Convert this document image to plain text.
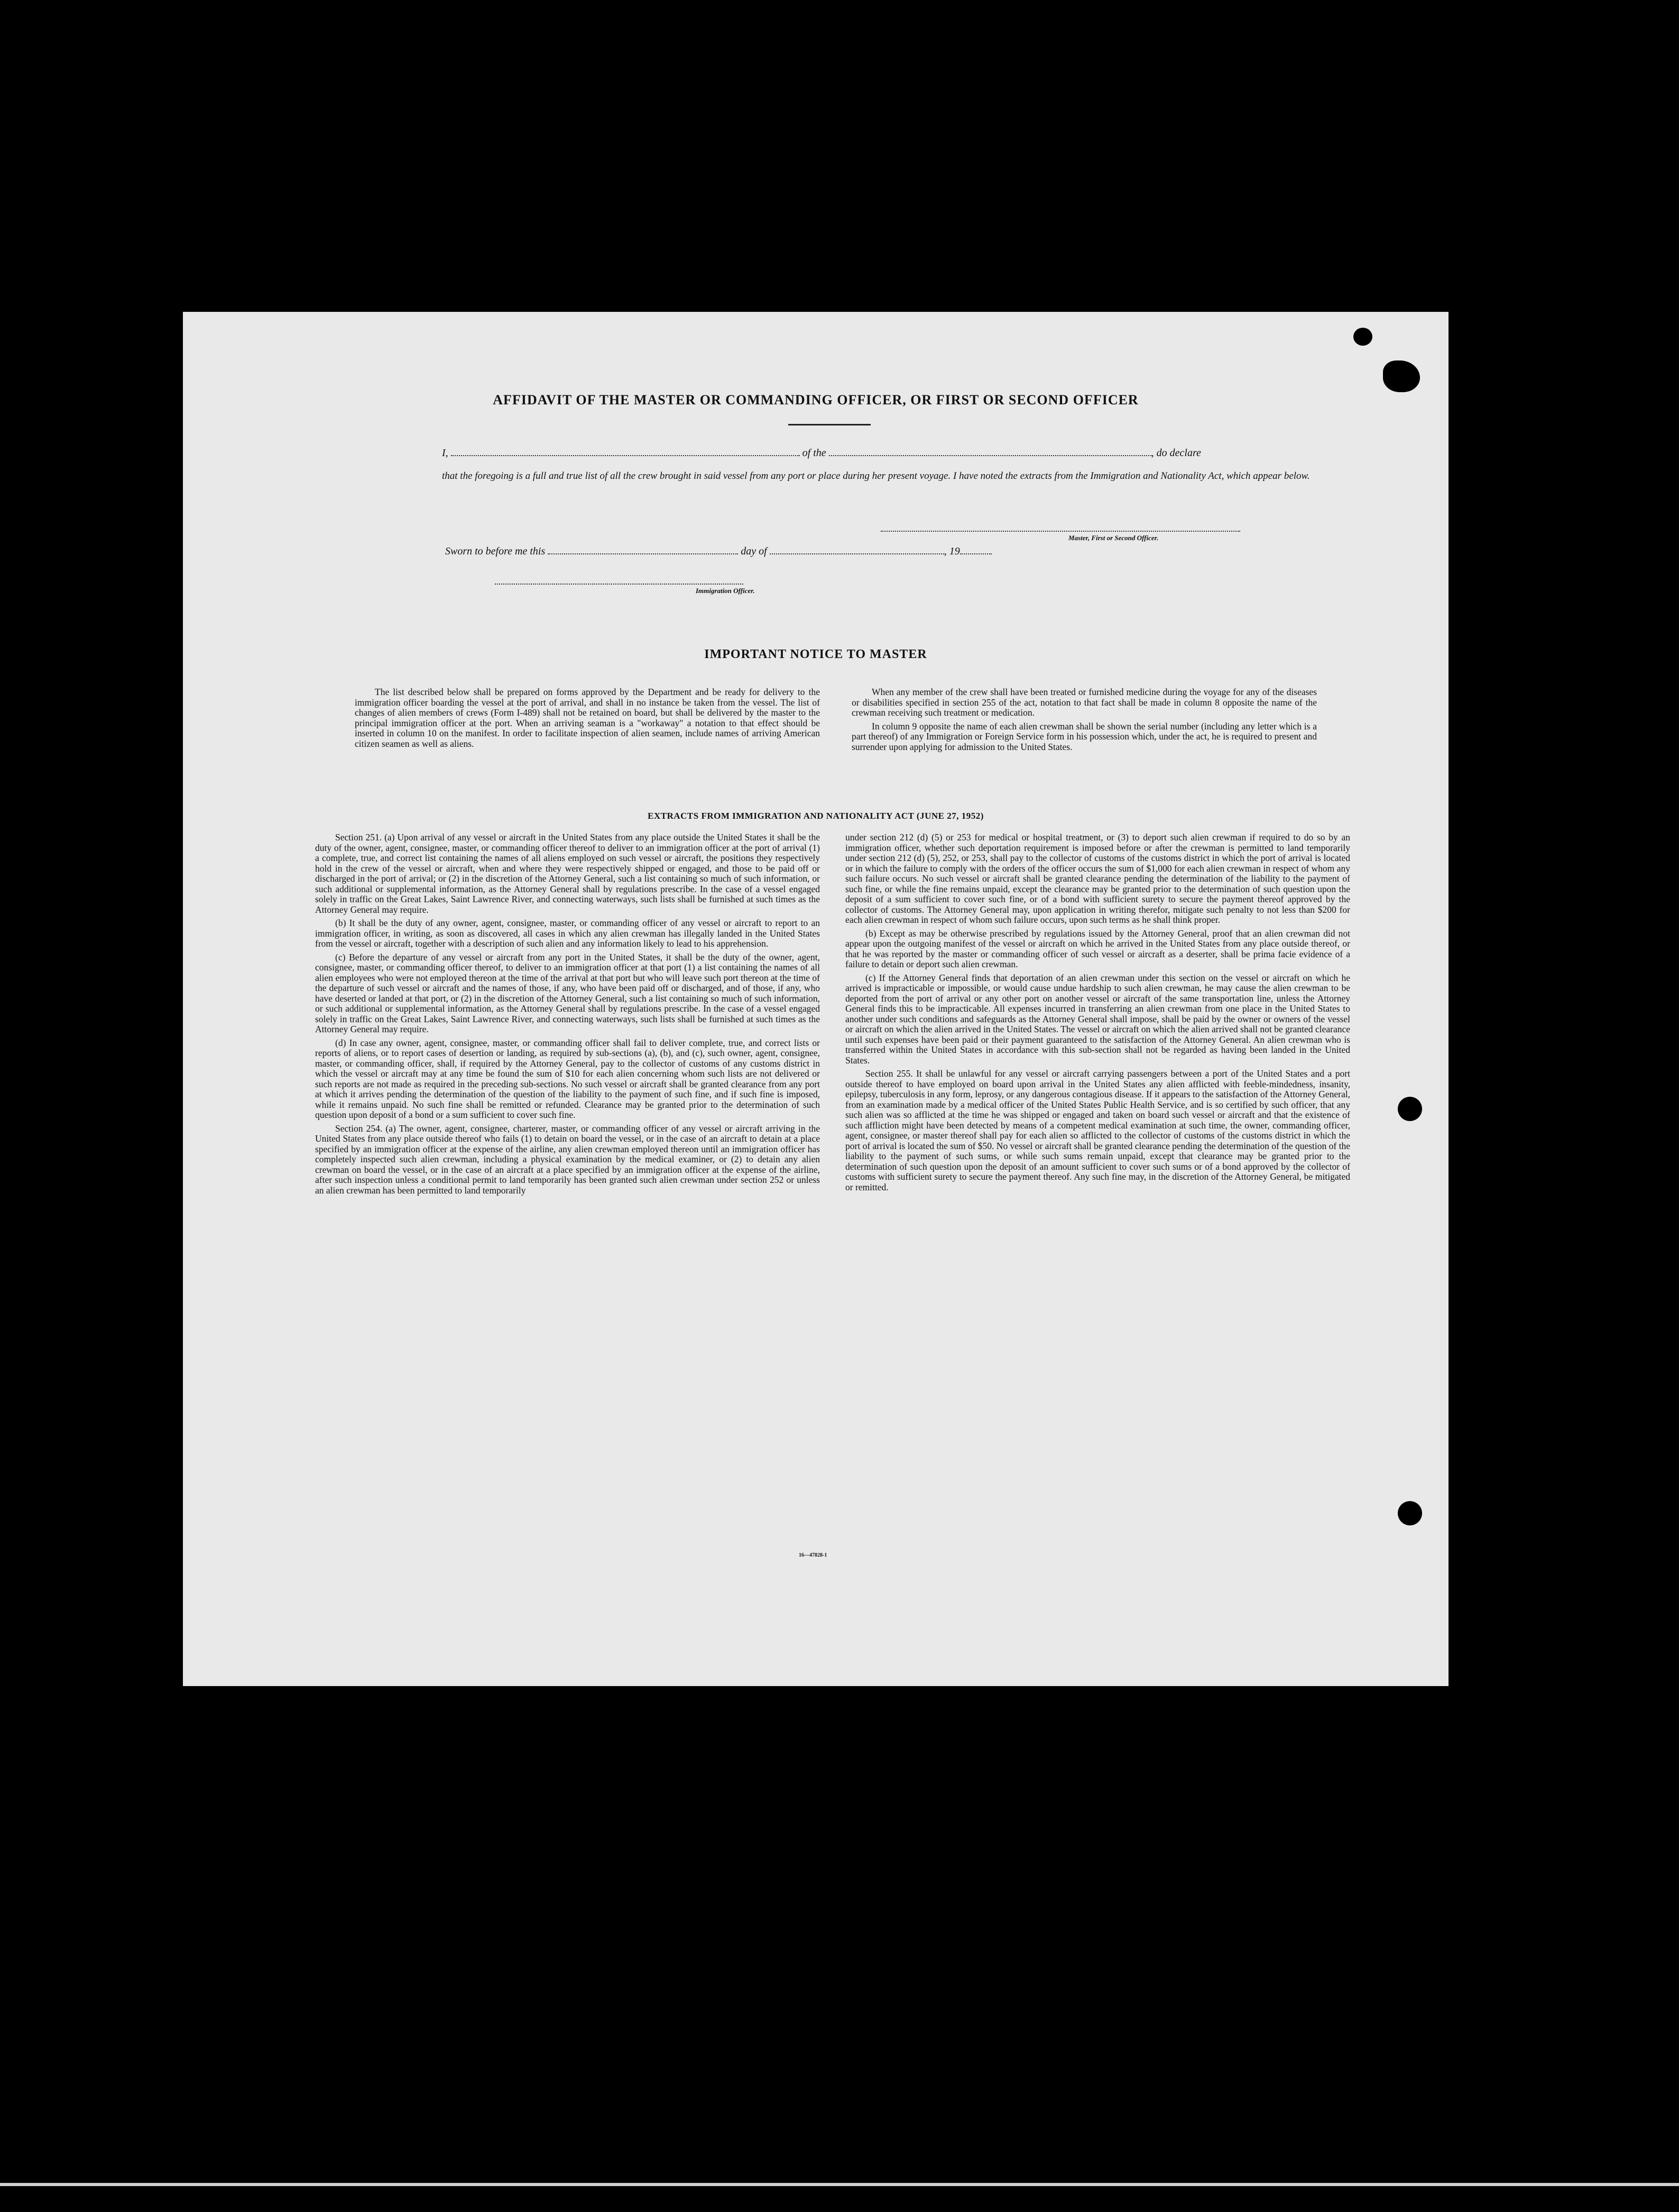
AFFIDAVIT OF THE MASTER OR COMMANDING OFFICER, OR FIRST OR SECOND OFFICER
I,	of the	, do declare
that the foregoing is a full and true list of all the crew brought in said vessel from any port or place during her present voyage. I have noted the extracts from the Immigration and Nationality Act, which appear below.
Master, First or Second Officer.
Sworn to before me this	day of	, 19
Immigration Officer.
IMPORTANT NOTICE TO MASTER

The list described below shall be prepared on forms approved by the Department and be ready for delivery to the immigration officer boarding the vessel at the port of arrival, and shall in no instance be taken from the vessel. The list of changes of alien members of crews (Form I-489) shall not be retained on board, but shall be delivered by the master to the principal immigration officer at the port. When an arriving seaman is a "workaway" a notation to that effect should be inserted in column 10 on the manifest. In order to facilitate inspection of alien seamen, include names of arriving American citizen seamen as well as aliens.

When any member of the crew shall have been treated or furnished medicine during the voyage for any of the diseases or disabilities specified in section 255 of the act, notation to that fact shall be made in column 8 opposite the name of the crewman receiving such treatment or medication.

In column 9 opposite the name of each alien crewman shall be shown the serial number (including any letter which is a part thereof) of any Immigration or Foreign Service form in his possession which, under the act, he is required to present and surrender upon applying for admission to the United States.

EXTRACTS FROM IMMIGRATION AND NATIONALITY ACT (JUNE 27, 1952)

Section 251. (a) Upon arrival of any vessel or aircraft in the United States from any place outside the United States it shall be the duty of the owner, agent, consignee, master, or commanding officer thereof to deliver to an immigration officer at the port of arrival (1) a complete, true, and correct list containing the names of all aliens employed on such vessel or aircraft, the positions they respectively hold in the crew of the vessel or aircraft, when and where they were respectively shipped or engaged, and those to be paid off or discharged in the port of arrival; or (2) in the discretion of the Attorney General, such a list containing so much of such information, or such additional or supplemental information, as the Attorney General shall by regulations prescribe. In the case of a vessel engaged solely in traffic on the Great Lakes, Saint Lawrence River, and connecting waterways, such lists shall be furnished at such times as the Attorney General may require.

(b) It shall be the duty of any owner, agent, consignee, master, or commanding officer of any vessel or aircraft to report to an immigration officer, in writing, as soon as discovered, all cases in which any alien crewman has illegally landed in the United States from the vessel or aircraft, together with a description of such alien and any information likely to lead to his apprehension.

(c) Before the departure of any vessel or aircraft from any port in the United States, it shall be the duty of the owner, agent, consignee, master, or commanding officer thereof, to deliver to an immigration officer at that port (1) a list containing the names of all alien employees who were not employed thereon at the time of the arrival at that port but who will leave such port thereon at the time of the departure of such vessel or aircraft and the names of those, if any, who have been paid off or discharged, and of those, if any, who have deserted or landed at that port, or (2) in the discretion of the Attorney General, such a list containing so much of such information, or such additional or supplemental information, as the Attorney General shall by regulations prescribe. In the case of a vessel engaged solely in traffic on the Great Lakes, Saint Lawrence River, and connecting waterways, such lists shall be furnished at such times as the Attorney General may require.

(d) In case any owner, agent, consignee, master, or commanding officer shall fail to deliver complete, true, and correct lists or reports of aliens, or to report cases of desertion or landing, as required by sub-sections (a), (b), and (c), such owner, agent, consignee, master, or commanding officer, shall, if required by the Attorney General, pay to the collector of customs of any customs district in which the vessel or aircraft may at any time be found the sum of $10 for each alien concerning whom such lists are not delivered or such reports are not made as required in the preceding sub-sections. No such vessel or aircraft shall be granted clearance from any port at which it arrives pending the determination of the question of the liability to the payment of such fine, and if such fine is imposed, while it remains unpaid. No such fine shall be remitted or refunded. Clearance may be granted prior to the determination of such question upon deposit of a bond or a sum sufficient to cover such fine.

Section 254. (a) The owner, agent, consignee, charterer, master, or commanding officer of any vessel or aircraft arriving in the United States from any place outside thereof who fails (1) to detain on board the vessel, or in the case of an aircraft to detain at a place specified by an immigration officer at the expense of the airline, any alien crewman employed thereon until an immigration officer has completely inspected such alien crewman, including a physical examination by the medical examiner, or (2) to detain any alien crewman on board the vessel, or in the case of an aircraft at a place specified by an immigration officer at the expense of the airline, after such inspection unless a conditional permit to land temporarily has been granted such alien crewman under section 252 or unless an alien crewman has been permitted to land temporarily

under section 212 (d) (5) or 253 for medical or hospital treatment, or (3) to deport such alien crewman if required to do so by an immigration officer, whether such deportation requirement is imposed before or after the crewman is permitted to land temporarily under section 212 (d) (5), 252, or 253, shall pay to the collector of customs of the customs district in which the port of arrival is located or in which the failure to comply with the orders of the officer occurs the sum of $1,000 for each alien crewman in respect of whom any such failure occurs. No such vessel or aircraft shall be granted clearance pending the determination of the liability to the payment of such fine, or while the fine remains unpaid, except the clearance may be granted prior to the determination of such question upon the deposit of a sum sufficient to cover such fine, or of a bond with sufficient surety to secure the payment thereof approved by the collector of customs. The Attorney General may, upon application in writing therefor, mitigate such penalty to not less than $200 for each alien crewman in respect of whom such failure occurs, upon such terms as he shall think proper.

(b) Except as may be otherwise prescribed by regulations issued by the Attorney General, proof that an alien crewman did not appear upon the outgoing manifest of the vessel or aircraft on which he arrived in the United States from any place outside thereof, or that he was reported by the master or commanding officer of such vessel or aircraft as a deserter, shall be prima facie evidence of a failure to detain or deport such alien crewman.

(c) If the Attorney General finds that deportation of an alien crewman under this section on the vessel or aircraft on which he arrived is impracticable or impossible, or would cause undue hardship to such alien crewman, he may cause the alien crewman to be deported from the port of arrival or any other port on another vessel or aircraft of the same transportation line, unless the Attorney General finds this to be impracticable. All expenses incurred in transferring an alien crewman from one place in the United States to another under such conditions and safeguards as the Attorney General shall impose, shall be paid by the owner or owners of the vessel or aircraft on which the alien arrived in the United States. The vessel or aircraft on which the alien arrived shall not be granted clearance until such expenses have been paid or their payment guaranteed to the satisfaction of the Attorney General. An alien crewman who is transferred within the United States in accordance with this sub-section shall not be regarded as having been landed in the United States.

Section 255. It shall be unlawful for any vessel or aircraft carrying passengers between a port of the United States and a port outside thereof to have employed on board upon arrival in the United States any alien afflicted with feeble-mindedness, insanity, epilepsy, tuberculosis in any form, leprosy, or any dangerous contagious disease. If it appears to the satisfaction of the Attorney General, from an examination made by a medical officer of the United States Public Health Service, and is so certified by such officer, that any such alien was so afflicted at the time he was shipped or engaged and taken on board such vessel or aircraft and that the existence of such affliction might have been detected by means of a competent medical examination at such time, the owner, commanding officer, agent, consignee, or master thereof shall pay for each alien so afflicted to the collector of customs of the customs district in which the port of arrival is located the sum of $50. No vessel or aircraft shall be granted clearance pending the determination of the question of the liability to the payment of such sums, or while such sums remain unpaid, except that clearance may be granted prior to the determination of such question upon the deposit of an amount sufficient to cover such sums or of a bond approved by the collector of customs with sufficient surety to secure the payment thereof. Any such fine may, in the discretion of the Attorney General, be mitigated or remitted.

16—47828-1
